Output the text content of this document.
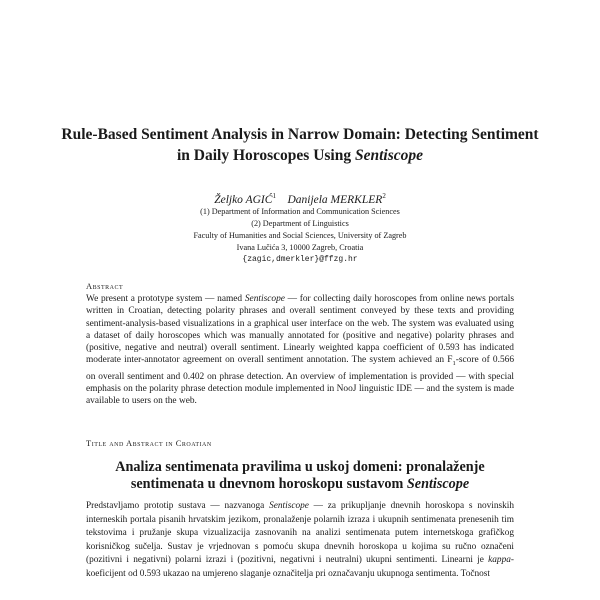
Rule-Based Sentiment Analysis in Narrow Domain: Detecting Sentiment in Daily Horoscopes Using Sentiscope
Željko AGIĆ$^1$ Danijela MERKLER$^2$
(1) Department of Information and Communication Sciences
(2) Department of Linguistics
Faculty of Humanities and Social Sciences, University of Zagreb
Ivana Lučića 3, 10000 Zagreb, Croatia
{zagic,dmerkler}@ffzg.hr
Abstract

We present a prototype system — named Sentiscope — for collecting daily horoscopes from online news portals written in Croatian, detecting polarity phrases and overall sentiment conveyed by these texts and providing sentiment-analysis-based visualizations in a graphical user interface on the web. The system was evaluated using a dataset of daily horoscopes which was manually annotated for (positive and negative) polarity phrases and (positive, negative and neutral) overall sentiment. Linearly weighted kappa coefficient of 0.593 has indicated moderate inter-annotator agreement on overall sentiment annotation. The system achieved an $F_1$-score of 0.566 on overall sentiment and 0.402 on phrase detection. An overview of implementation is provided — with special emphasis on the polarity phrase detection module implemented in NooJ linguistic IDE — and the system is made available to users on the web.

Title and Abstract in Croatian
Analiza sentimenata pravilima u uskoj domeni: pronalaženje sentimenata u dnevnom horoskopu sustavom Sentiscope

Predstavljamo prototip sustava — nazvanoga Sentiscope — za prikupljanje dnevnih horoskopa s novinskih interneskih portala pisanih hrvatskim jezikom, pronalaženje polarnih izraza i ukupnih sentimenata prenesenih tim tekstovima i pružanje skupa vizualizacija zasnovanih na analizi sentimenata putem internetskoga grafičkog korisničkog sučelja. Sustav je vrjednovan s pomoću skupa dnevnih horoskopa u kojima su ručno označeni (pozitivni i negativni) polarni izrazi i (pozitivni, negativni i neutralni) ukupni sentimenti. Linearni je kappa-koeficijent od 0.593 ukazao na umjereno slaganje označitelja pri označavanju ukupnoga sentimenta. Točnost
